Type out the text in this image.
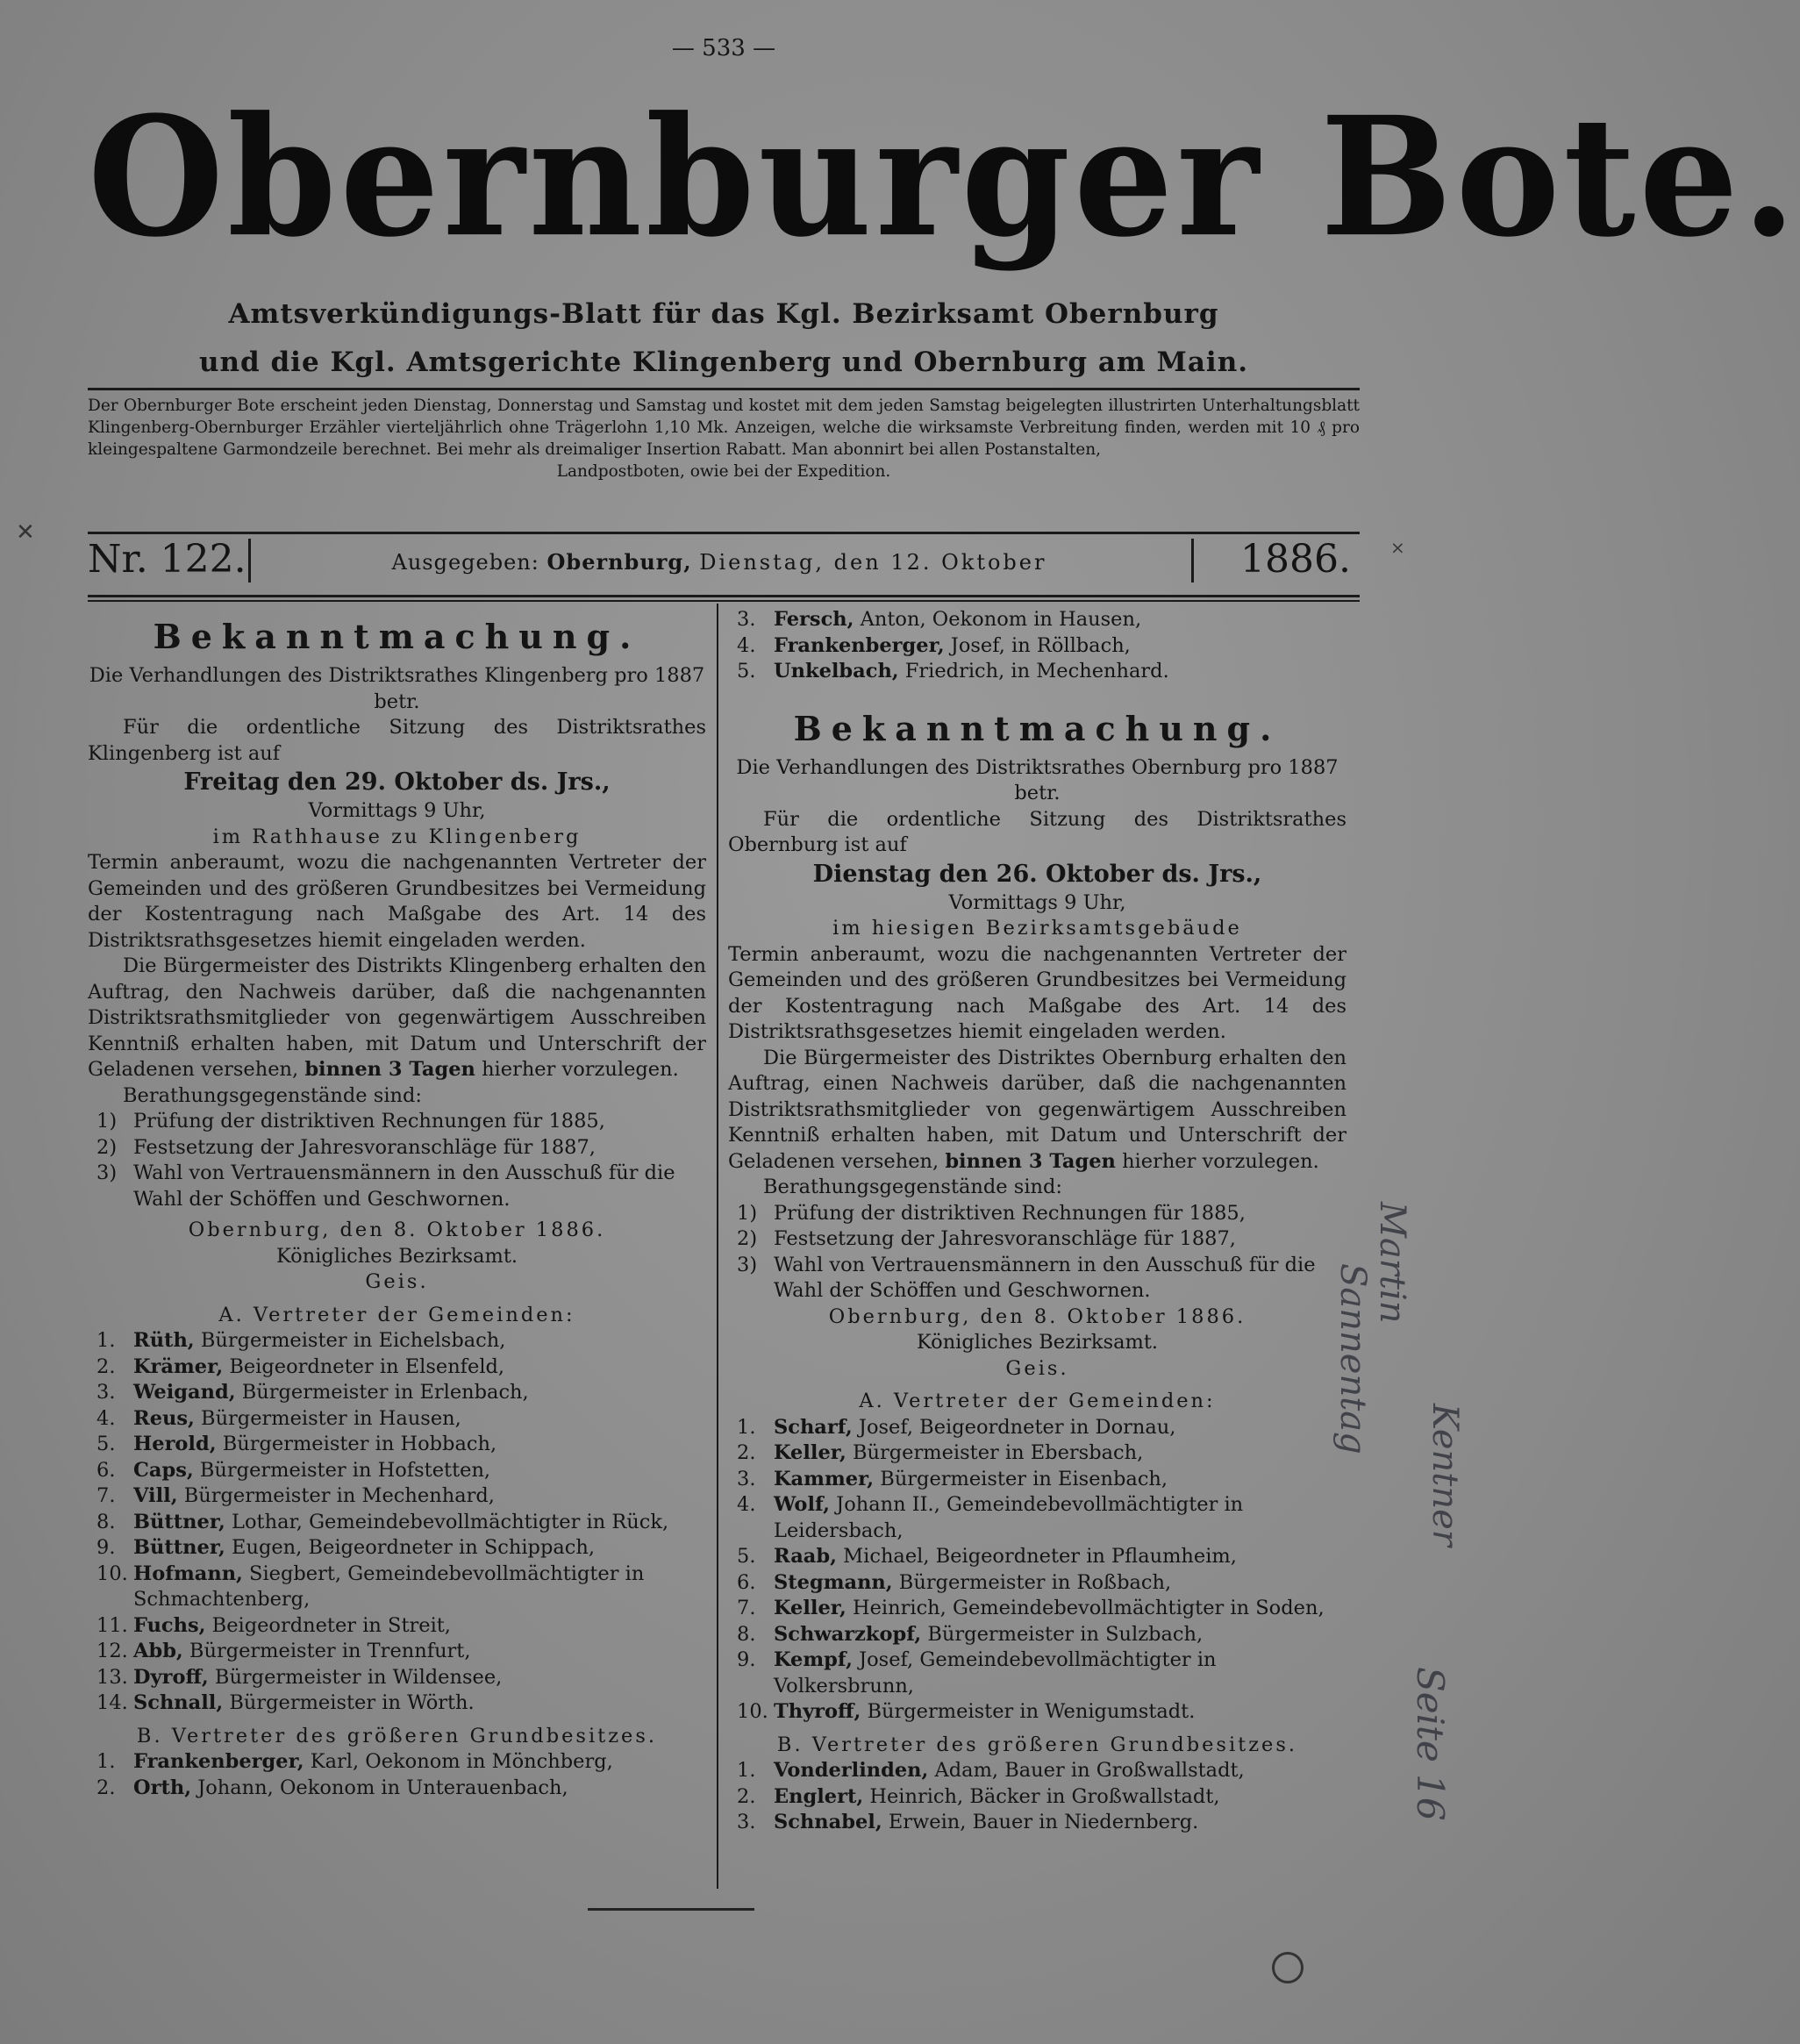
— 533 —
Obernburger Bote.
Amtsverkündigungs-Blatt für das Kgl. Bezirksamt Obernburg
und die Kgl. Amtsgerichte Klingenberg und Obernburg am Main.
Der Obernburger Bote erscheint jeden Dienstag, Donnerstag und Samstag und kostet mit dem jeden Samstag beigelegten illustrirten Unterhaltungsblatt Klingenberg-Obernburger Erzähler vierteljährlich ohne Trägerlohn 1,10 Mk. Anzeigen, welche die wirksamste Verbreitung finden, werden mit 10 ₰ pro kleingespaltene Garmondzeile berechnet. Bei mehr als dreimaliger Insertion Rabatt. Man abonnirt bei allen Postanstalten,
Landpostboten, owie bei der Expedition.
Nr. 122.	Ausgegeben: Obernburg, Dienstag, den 12. Oktober	1886.

Bekanntmachung.

Die Verhandlungen des Distriktsrathes Klingenberg pro 1887 betr.

Für die ordentliche Sitzung des Distriktsrathes Klingenberg ist auf

Freitag den 29. Oktober ds. Jrs.,

Vormittags 9 Uhr,

im Rathhause zu Klingenberg

Termin anberaumt, wozu die nachgenannten Vertreter der Gemeinden und des größeren Grundbesitzes bei Vermeidung der Kostentragung nach Maßgabe des Art. 14 des Distriktsrathsgesetzes hiemit eingeladen werden.

Die Bürgermeister des Distrikts Klingenberg erhalten den Auftrag, den Nachweis darüber, daß die nachgenannten Distriktsrathsmitglieder von gegenwärtigem Ausschreiben Kenntniß erhalten haben, mit Datum und Unterschrift der Geladenen versehen, binnen 3 Tagen hierher vorzulegen.

Berathungsgegenstände sind:

1) Prüfung der distriktiven Rechnungen für 1885,
2) Festsetzung der Jahresvoranschläge für 1887,
3) Wahl von Vertrauensmännern in den Ausschuß für die Wahl der Schöffen und Geschwornen.

Obernburg, den 8. Oktober 1886.

Königliches Bezirksamt.

Geis.

A. Vertreter der Gemeinden:

1. Rüth, Bürgermeister in Eichelsbach,
2. Krämer, Beigeordneter in Elsenfeld,
3. Weigand, Bürgermeister in Erlenbach,
4. Reus, Bürgermeister in Hausen,
5. Herold, Bürgermeister in Hobbach,
6. Caps, Bürgermeister in Hofstetten,
7. Vill, Bürgermeister in Mechenhard,
8. Büttner, Lothar, Gemeindebevollmächtigter in Rück,
9. Büttner, Eugen, Beigeordneter in Schippach,
10. Hofmann, Siegbert, Gemeindebevollmächtigter in Schmachtenberg,
11. Fuchs, Beigeordneter in Streit,
12. Abb, Bürgermeister in Trennfurt,
13. Dyroff, Bürgermeister in Wildensee,
14. Schnall, Bürgermeister in Wörth.

B. Vertreter des größeren Grundbesitzes.

1. Frankenberger, Karl, Oekonom in Mönchberg,
2. Orth, Johann, Oekonom in Unterauenbach,
3. Fersch, Anton, Oekonom in Hausen,
4. Frankenberger, Josef, in Röllbach,
5. Unkelbach, Friedrich, in Mechenhard.

Bekanntmachung.

Die Verhandlungen des Distriktsrathes Obernburg pro 1887 betr.

Für die ordentliche Sitzung des Distriktsrathes Obernburg ist auf

Dienstag den 26. Oktober ds. Jrs.,

Vormittags 9 Uhr,

im hiesigen Bezirksamtsgebäude

Termin anberaumt, wozu die nachgenannten Vertreter der Gemeinden und des größeren Grundbesitzes bei Vermeidung der Kostentragung nach Maßgabe des Art. 14 des Distriktsrathsgesetzes hiemit eingeladen werden.

Die Bürgermeister des Distriktes Obernburg erhalten den Auftrag, einen Nachweis darüber, daß die nachgenannten Distriktsrathsmitglieder von gegenwärtigem Ausschreiben Kenntniß erhalten haben, mit Datum und Unterschrift der Geladenen versehen, binnen 3 Tagen hierher vorzulegen.

Berathungsgegenstände sind:

1) Prüfung der distriktiven Rechnungen für 1885,
2) Festsetzung der Jahresvoranschläge für 1887,
3) Wahl von Vertrauensmännern in den Ausschuß für die Wahl der Schöffen und Geschwornen.

Obernburg, den 8. Oktober 1886.

Königliches Bezirksamt.

Geis.

A. Vertreter der Gemeinden:

1. Scharf, Josef, Beigeordneter in Dornau,
2. Keller, Bürgermeister in Ebersbach,
3. Kammer, Bürgermeister in Eisenbach,
4. Wolf, Johann II., Gemeindebevollmächtigter in Leidersbach,
5. Raab, Michael, Beigeordneter in Pflaumheim,
6. Stegmann, Bürgermeister in Roßbach,
7. Keller, Heinrich, Gemeindebevollmächtigter in Soden,
8. Schwarzkopf, Bürgermeister in Sulzbach,
9. Kempf, Josef, Gemeindebevollmächtigter in Volkersbrunn,
10. Thyroff, Bürgermeister in Wenigumstadt.

B. Vertreter des größeren Grundbesitzes.

1. Vonderlinden, Adam, Bauer in Großwallstadt,
2. Englert, Heinrich, Bäcker in Großwallstadt,
3. Schnabel, Erwein, Bauer in Niedernberg.
✕
×
Martin
Sannentag
Kentner
Seite 16
